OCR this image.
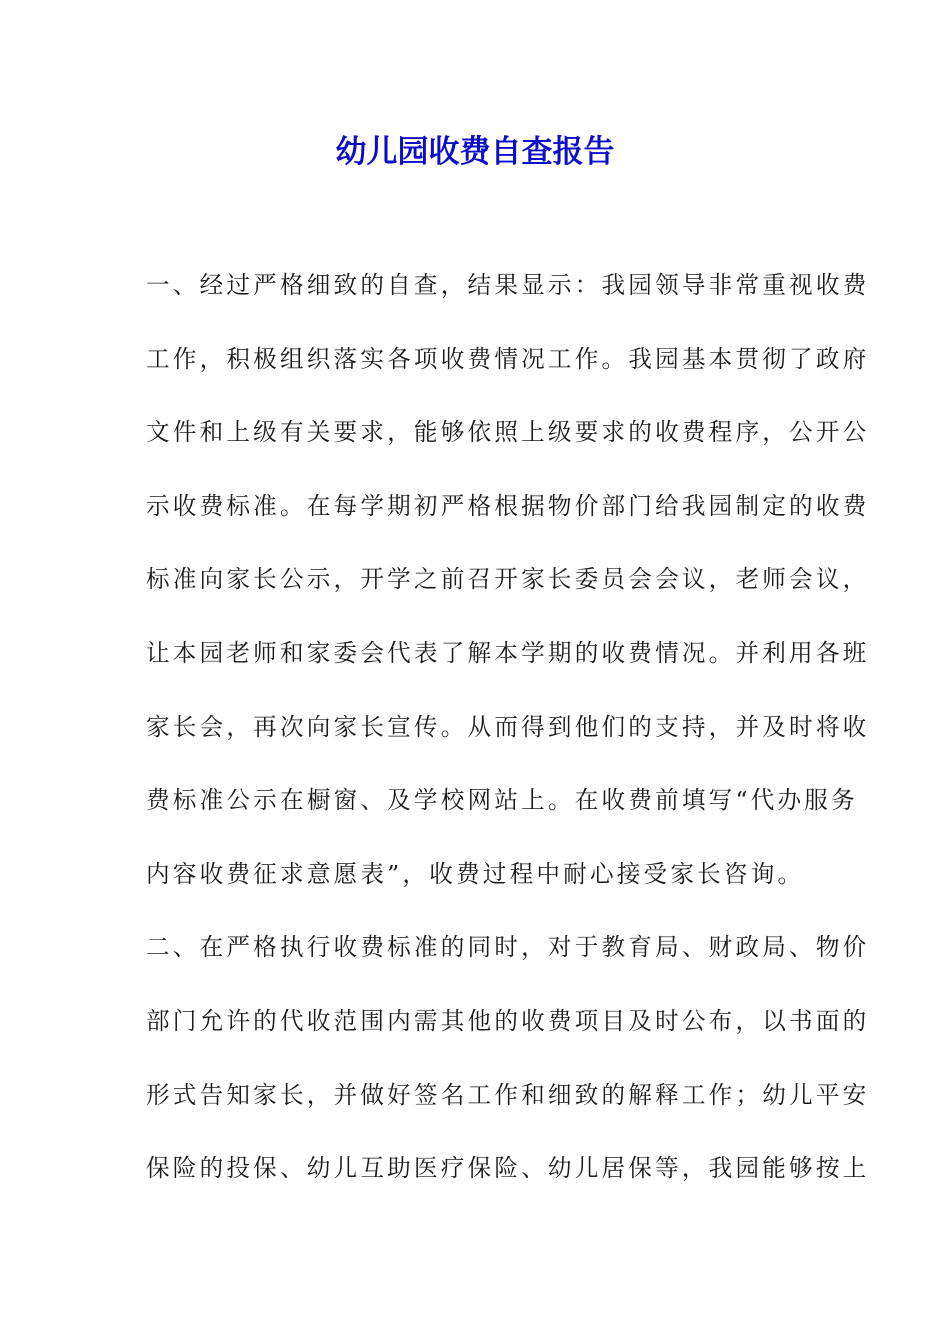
幼儿园收费自查报告
一、经过严格细致的自查，结果显示：我园领导非常重视收费
工作，积极组织落实各项收费情况工作。我园基本贯彻了政府
文件和上级有关要求，能够依照上级要求的收费程序，公开公
示收费标准。在每学期初严格根据物价部门给我园制定的收费
标准向家长公示，开学之前召开家长委员会会议，老师会议，
让本园老师和家委会代表了解本学期的收费情况。并利用各班
家长会，再次向家长宣传。从而得到他们的支持，并及时将收
费标准公示在橱窗、及学校网站上。在收费前填写“代办服务
内容收费征求意愿表”，收费过程中耐心接受家长咨询。
二、在严格执行收费标准的同时，对于教育局、财政局、物价
部门允许的代收范围内需其他的收费项目及时公布，以书面的
形式告知家长，并做好签名工作和细致的解释工作；幼儿平安
保险的投保、幼儿互助医疗保险、幼儿居保等，我园能够按上
